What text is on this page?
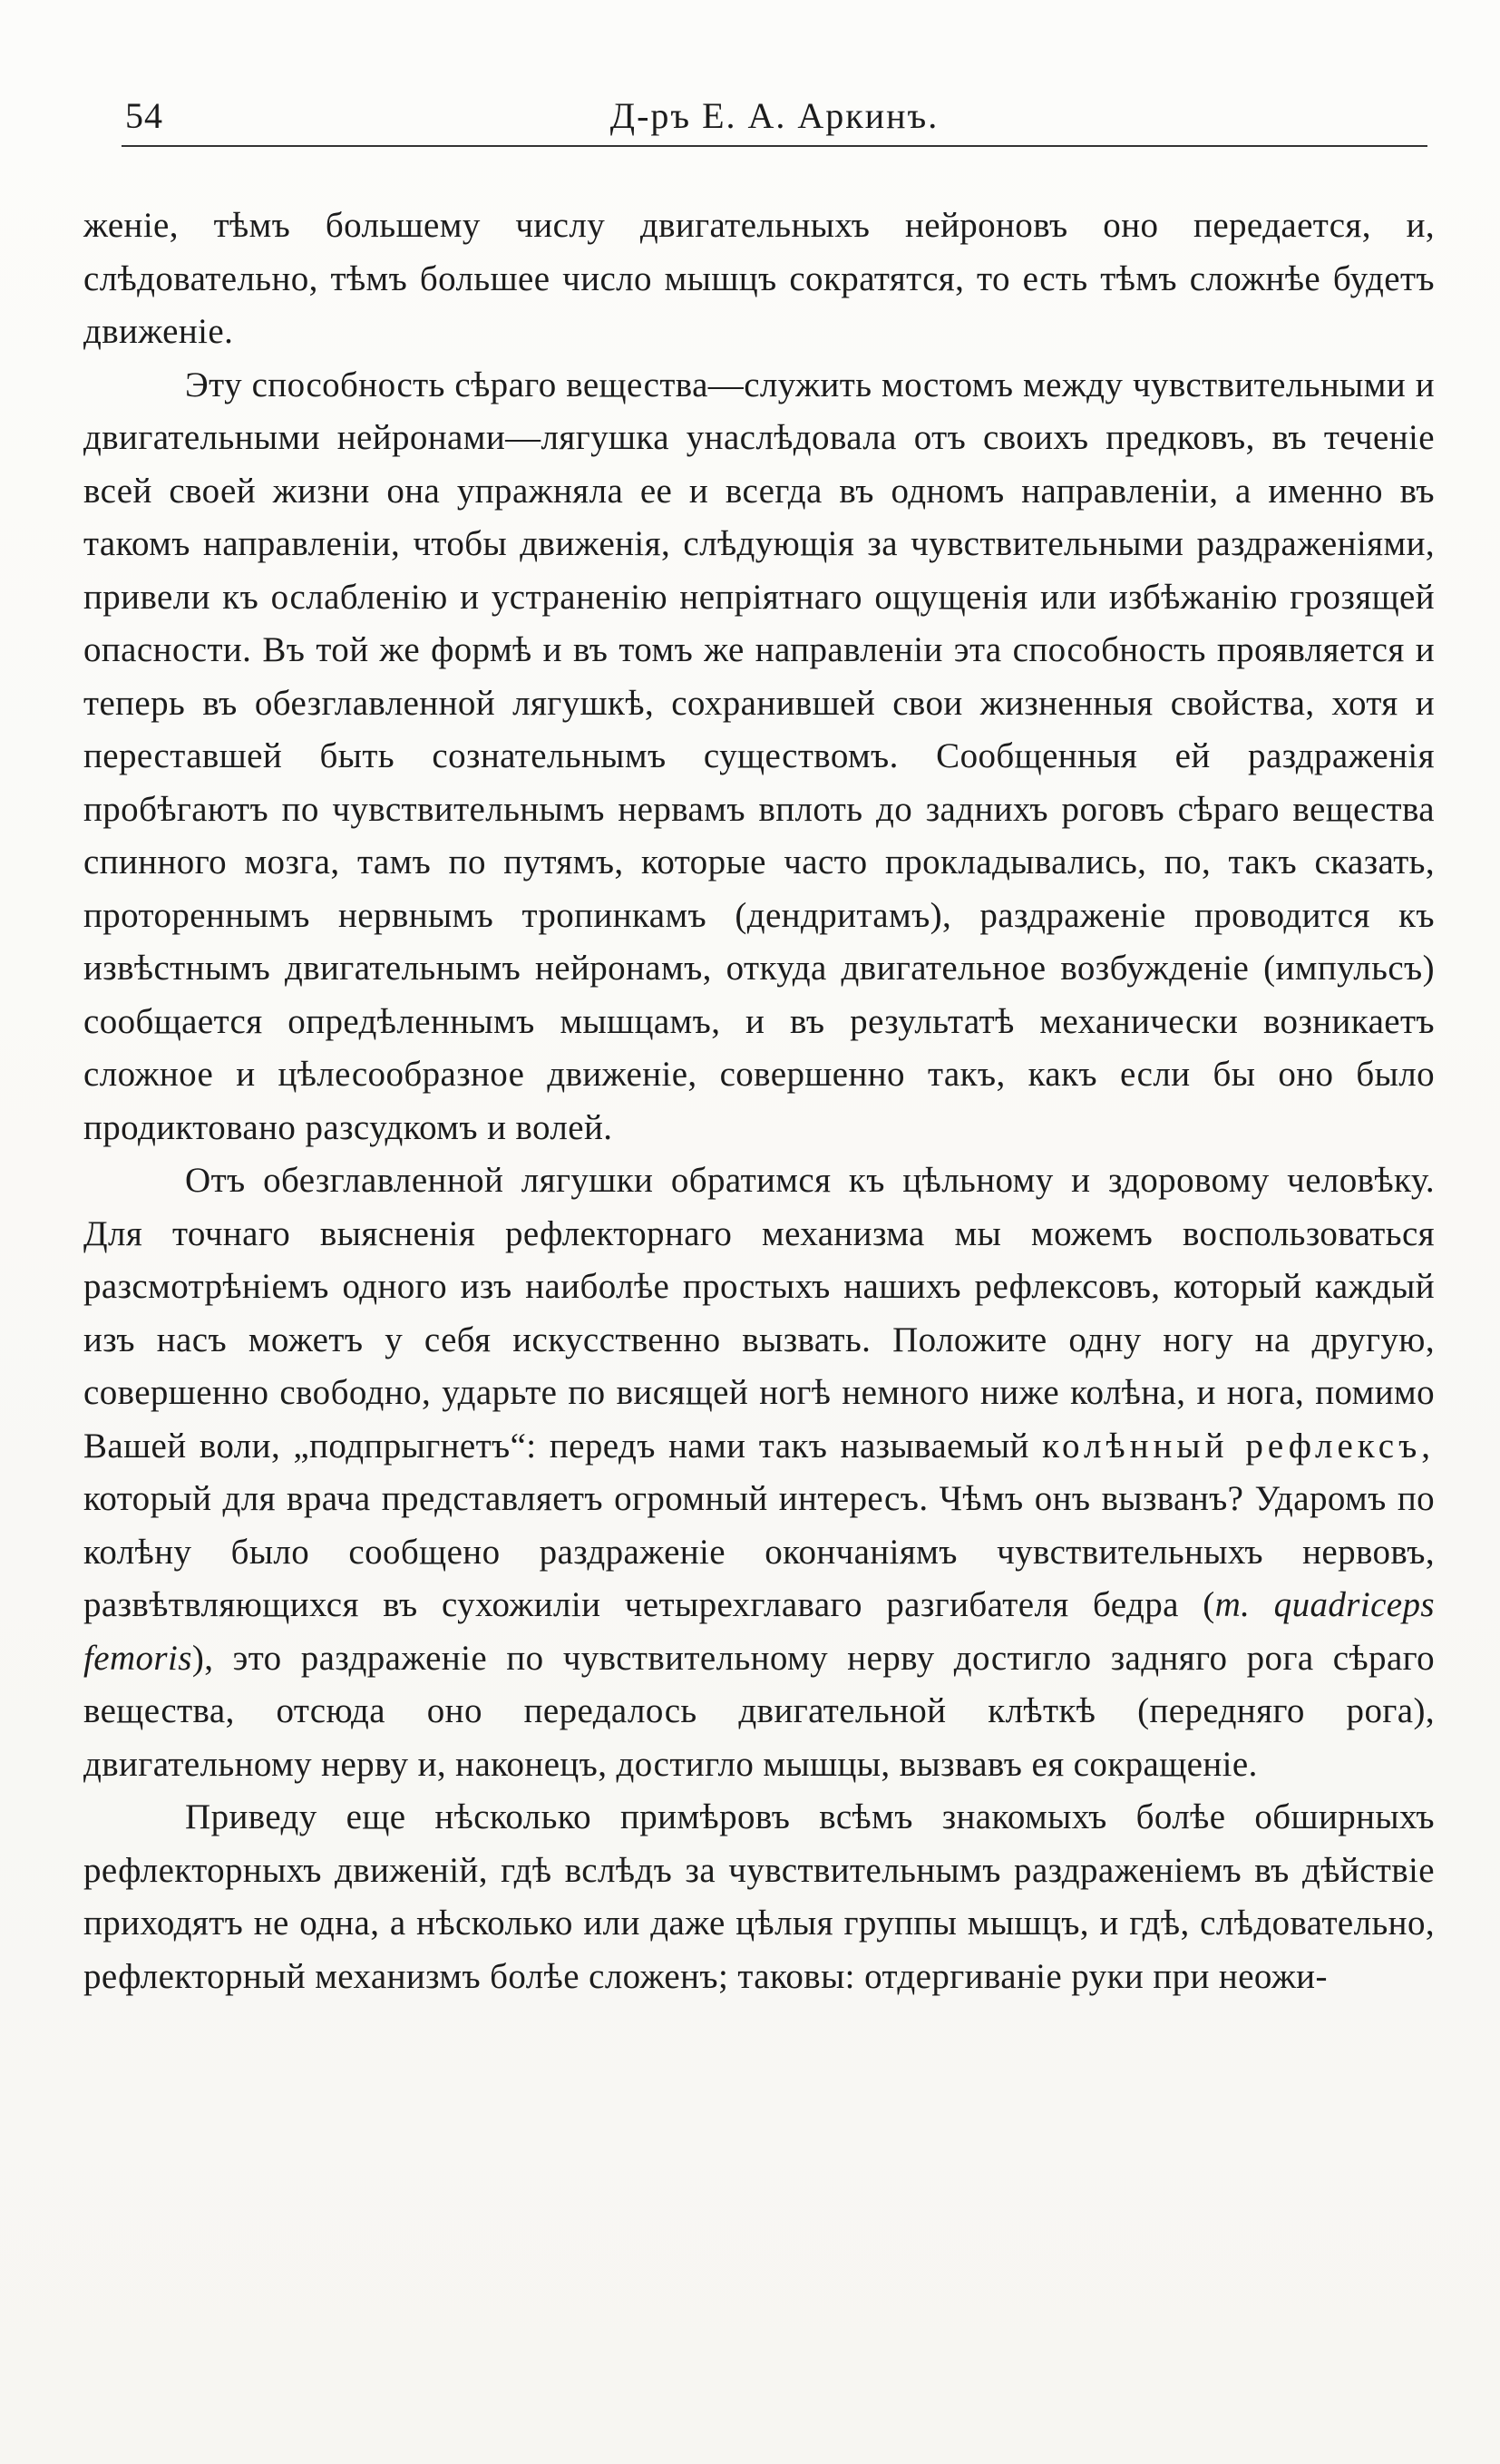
54	Д-ръ Е. А. Аркинъ.

женіе, тѣмъ большему числу двигательныхъ нейроновъ оно передается, и, слѣдовательно, тѣмъ большее число мышцъ сократятся, то есть тѣмъ сложнѣе будетъ движеніе.

Эту способность сѣраго вещества—служить мостомъ между чувствительными и двигательными нейронами—лягушка унаслѣдовала отъ своихъ предковъ, въ теченіе всей своей жизни она упражняла ее и всегда въ одномъ направленіи, а именно въ такомъ направленіи, чтобы движенія, слѣдующія за чувствительными раздраженіями, привели къ ослабленію и устраненію непріятнаго ощущенія или избѣжанію грозящей опасности. Въ той же формѣ и въ томъ же направленіи эта способность проявляется и теперь въ обезглавленной лягушкѣ, сохранившей свои жизненныя свойства, хотя и переставшей быть сознательнымъ существомъ. Сообщенныя ей раздраженія пробѣгаютъ по чувствительнымъ нервамъ вплоть до заднихъ роговъ сѣраго вещества спинного мозга, тамъ по путямъ, которые часто прокладывались, по, такъ сказать, протореннымъ нервнымъ тропинкамъ (дендритамъ), раздраженіе проводится къ извѣстнымъ двигательнымъ нейронамъ, откуда двигательное возбужденіе (импульсъ) сообщается опредѣленнымъ мышцамъ, и въ результатѣ механически возникаетъ сложное и цѣлесообразное движеніе, совершенно такъ, какъ если бы оно было продиктовано разсудкомъ и волей.

Отъ обезглавленной лягушки обратимся къ цѣльному и здоровому человѣку. Для точнаго выясненія рефлекторнаго механизма мы можемъ воспользоваться разсмотрѣніемъ одного изъ наиболѣе простыхъ нашихъ рефлексовъ, который каждый изъ насъ можетъ у себя искусственно вызвать. Положите одну ногу на другую, совершенно свободно, ударьте по висящей ногѣ немного ниже колѣна, и нога, помимо Вашей воли, „подпрыгнетъ“: передъ нами такъ называемый колѣнный рефлексъ, который для врача представляетъ огромный интересъ. Чѣмъ онъ вызванъ? Ударомъ по колѣну было сообщено раздраженіе окончаніямъ чувствительныхъ нервовъ, развѣтвляющихся въ сухожиліи четырехглаваго разгибателя бедра (m. quadriceps femoris), это раздраженіе по чувствительному нерву достигло задняго рога сѣраго вещества, отсюда оно передалось двигательной клѣткѣ (передняго рога), двигательному нерву и, наконецъ, достигло мышцы, вызвавъ ея сокращеніе.

Приведу еще нѣсколько примѣровъ всѣмъ знакомыхъ болѣе обширныхъ рефлекторныхъ движеній, гдѣ вслѣдъ за чувствительнымъ раздраженіемъ въ дѣйствіе приходятъ не одна, а нѣсколько или даже цѣлыя группы мышцъ, и гдѣ, слѣдовательно, рефлекторный механизмъ болѣе сложенъ; таковы: отдергиваніе руки при неожи-
